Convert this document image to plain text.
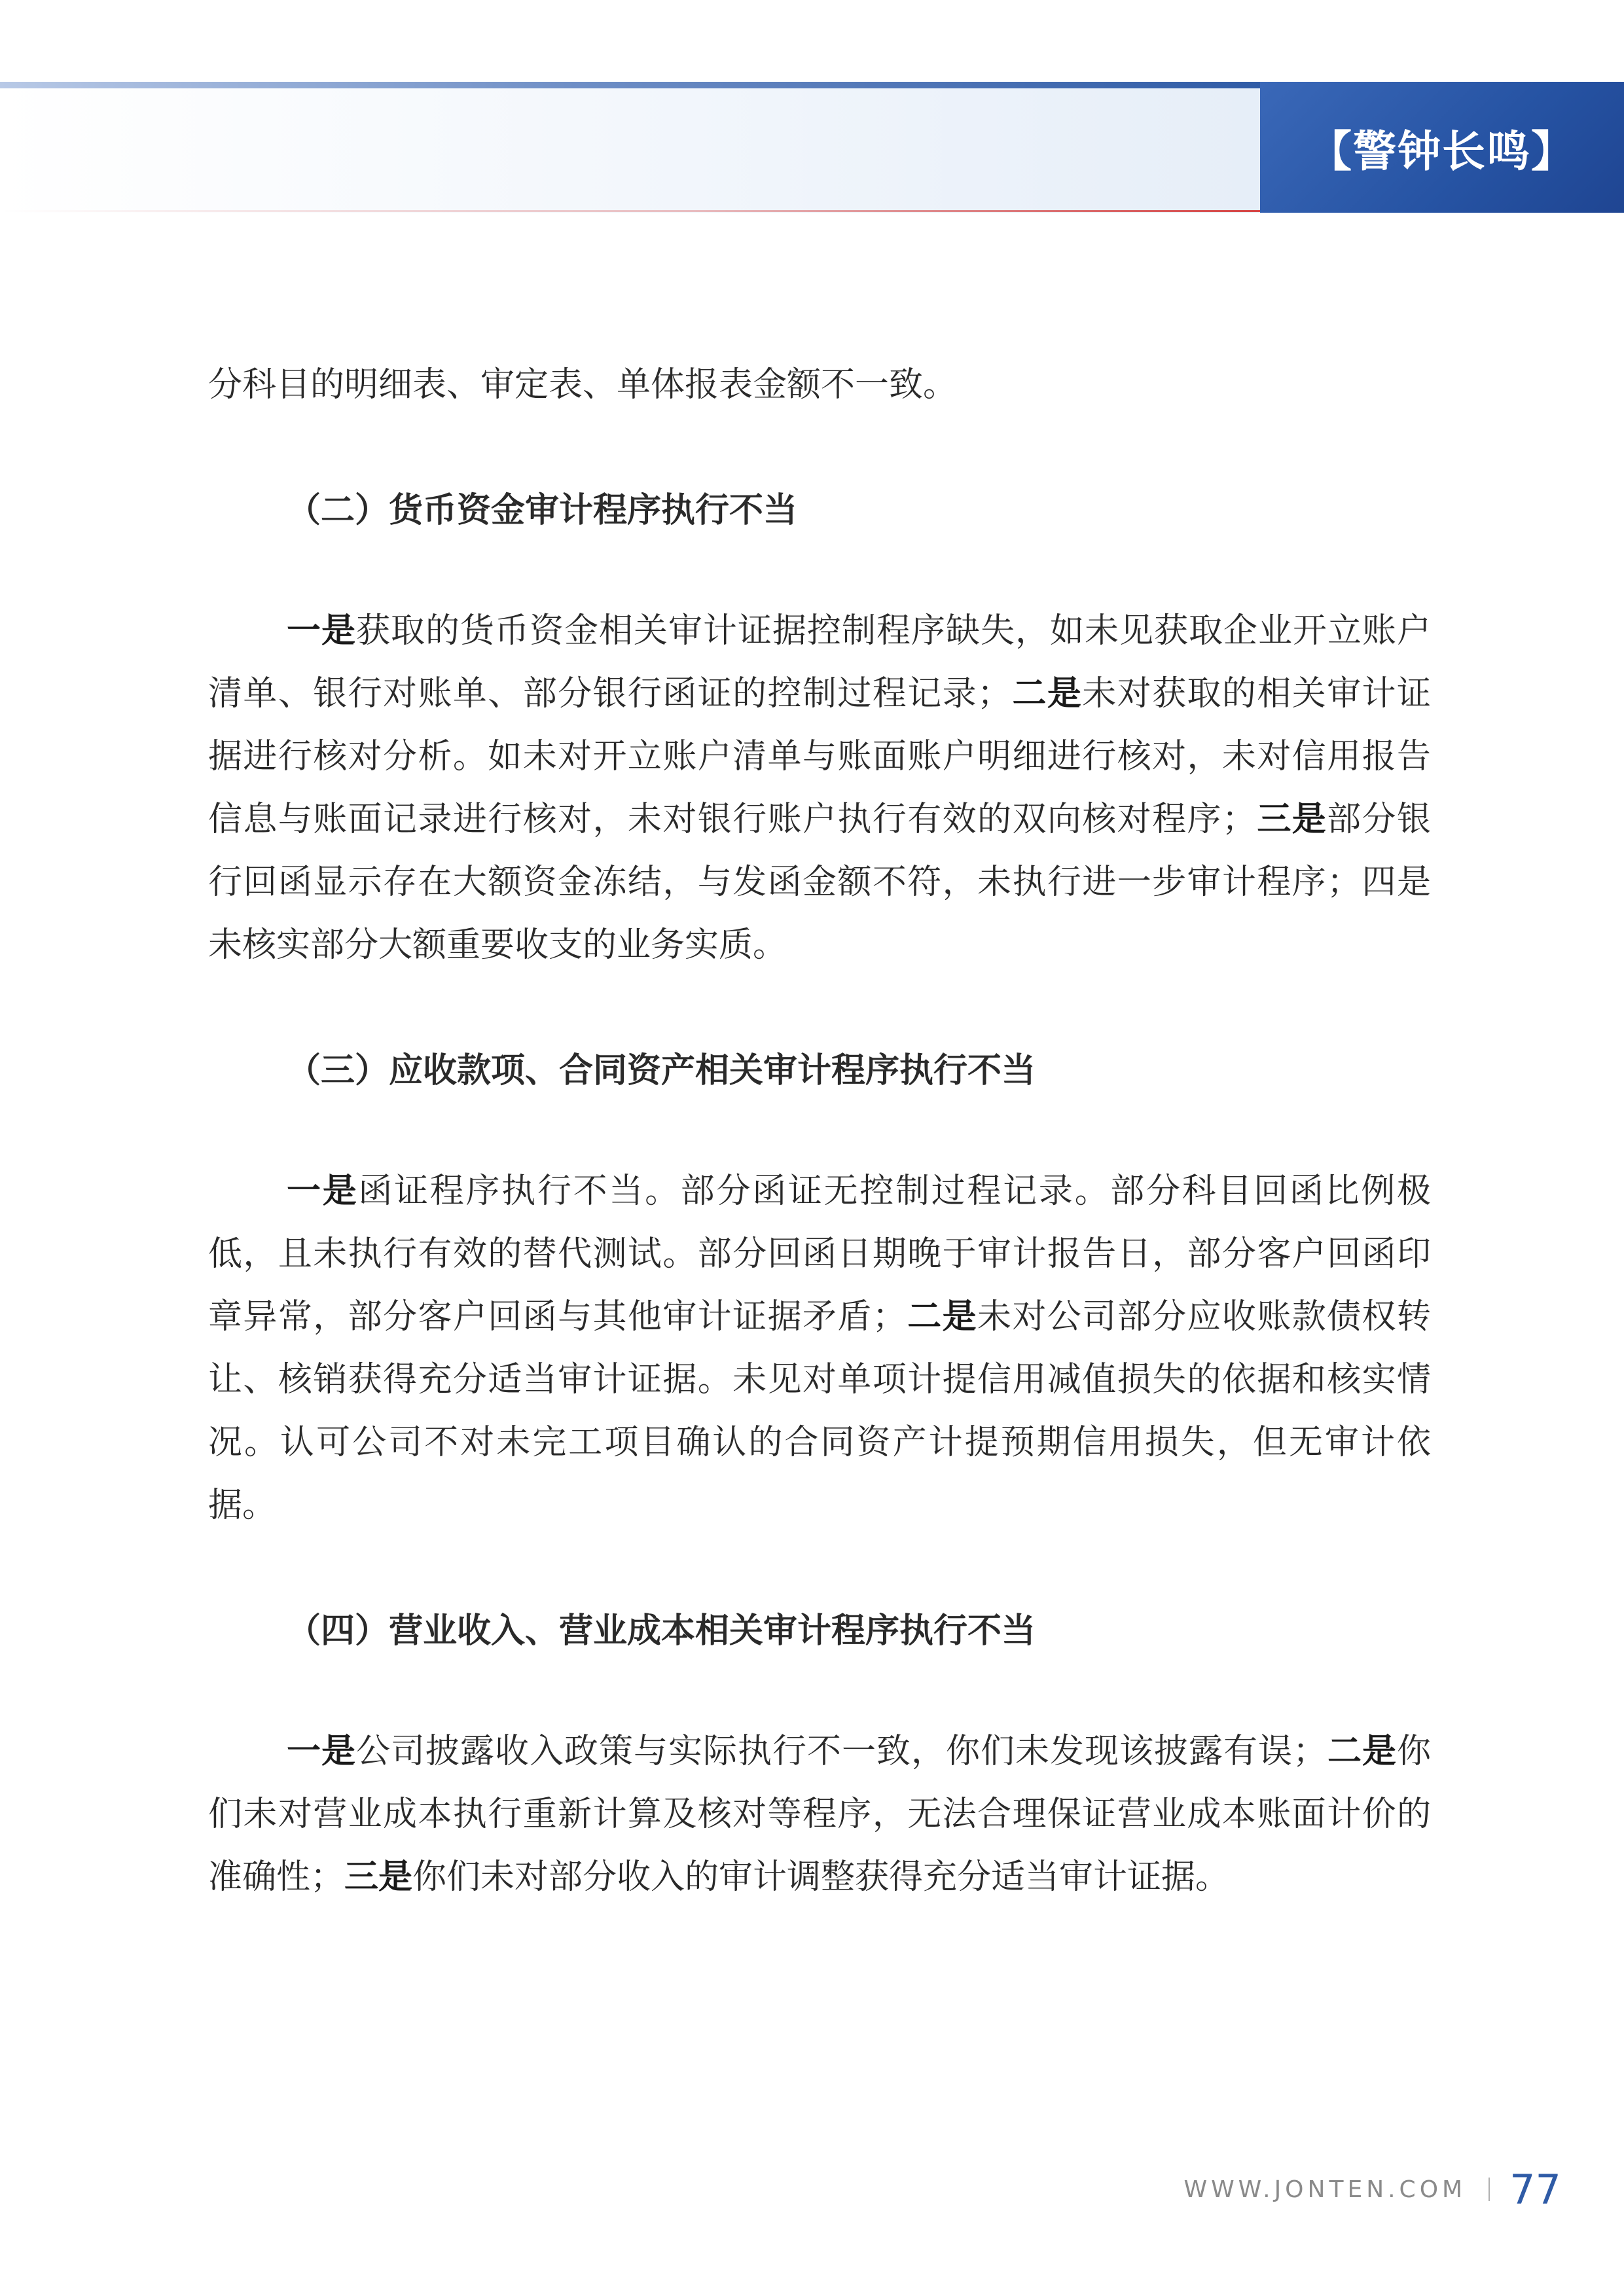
【警钟长鸣】

分科目的明细表、审定表、单体报表金额不一致。

（二）货币资金审计程序执行不当

一是获取的货币资金相关审计证据控制程序缺失，如未见获取企业开立账户清单、银行对账单、部分银行函证的控制过程记录；二是未对获取的相关审计证据进行核对分析。如未对开立账户清单与账面账户明细进行核对，未对信用报告信息与账面记录进行核对，未对银行账户执行有效的双向核对程序；三是部分银行回函显示存在大额资金冻结，与发函金额不符，未执行进一步审计程序；四是未核实部分大额重要收支的业务实质。

（三）应收款项、合同资产相关审计程序执行不当

一是函证程序执行不当。部分函证无控制过程记录。部分科目回函比例极低，且未执行有效的替代测试。部分回函日期晚于审计报告日，部分客户回函印章异常，部分客户回函与其他审计证据矛盾；二是未对公司部分应收账款债权转让、核销获得充分适当审计证据。未见对单项计提信用减值损失的依据和核实情况。认可公司不对未完工项目确认的合同资产计提预期信用损失，但无审计依据。

（四）营业收入、营业成本相关审计程序执行不当

一是公司披露收入政策与实际执行不一致，你们未发现该披露有误；二是你们未对营业成本执行重新计算及核对等程序，无法合理保证营业成本账面计价的准确性；三是你们未对部分收入的审计调整获得充分适当审计证据。

WWW.JONTEN.COM 77
